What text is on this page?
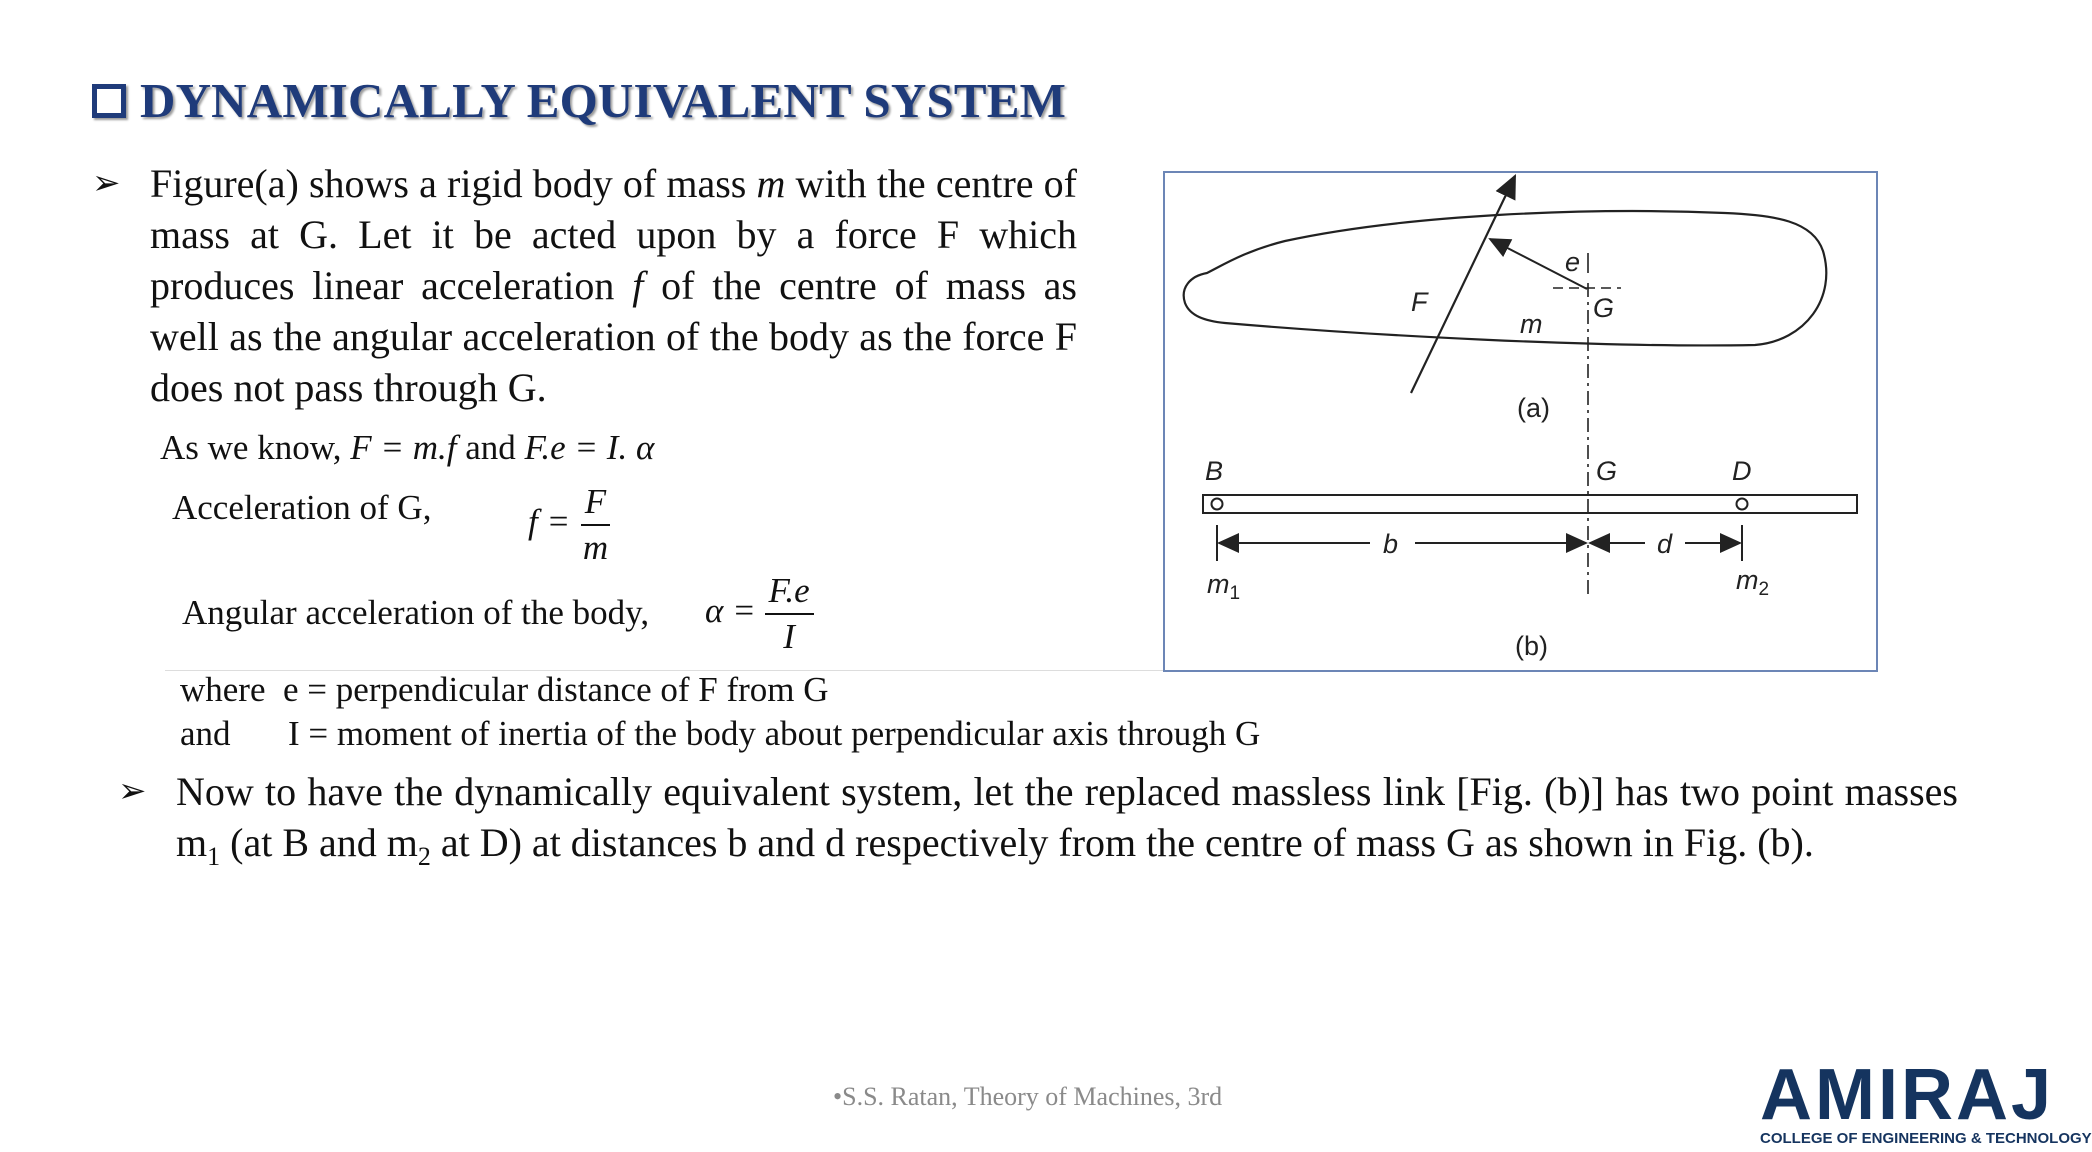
DYNAMICALLY EQUIVALENT SYSTEM
➢ Figure(a) shows a rigid body of mass m with the centre of mass at G. Let it be acted upon by a force F which produces linear acceleration f of the centre of mass as well as the angular acceleration of the body as the force F does not pass through G.
As we know, F = m.f and F.e = I. α
Acceleration of G,	$f = \frac{F}{m}$
Angular acceleration of the body, $\alpha = \frac{F.e}{I}$
where e = perpendicular distance of F from G
and I = moment of inertia of the body about perpendicular axis through G
e
F
m
G
(a)
B	G	D
b	d
$m_1$	$m_2$
(b)
➢ Now to have the dynamically equivalent system, let the replaced massless link [Fig. (b)] has two point masses $m_1$ (at B and $m_2$ at D) at distances b and d respectively from the centre of mass G as shown in Fig. (b).
•S.S. Ratan, Theory of Machines, 3rd	AMIRAJ
COLLEGE OF ENGINEERING & TECHNOLOGY
